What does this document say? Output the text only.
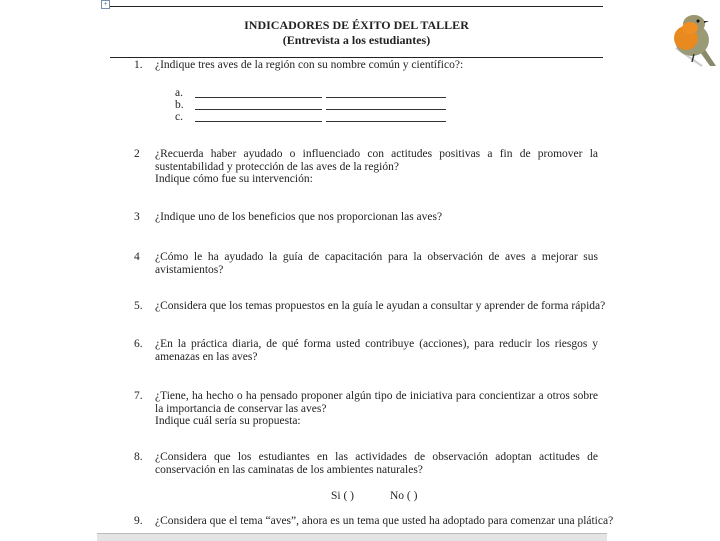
+
INDICADORES DE ÉXITO DEL TALLER
(Entrevista a los estudiantes)
1. ¿Indique tres aves de la región con su nombre común y científico?:
a.
b.
c.
2 ¿Recuerda haber ayudado o influenciado con actitudes positivas a fin de promover la sustentabilidad y protección de las aves de la región?
Indique cómo fue su intervención:
3 ¿Indique uno de los beneficios que nos proporcionan las aves?
4 ¿Cómo le ha ayudado la guía de capacitación para la observación de aves a mejorar sus avistamientos?
5. ¿Considera que los temas propuestos en la guía le ayudan a consultar y aprender de forma rápida?
6. ¿En la práctica diaria, de qué forma usted contribuye (acciones), para reducir los riesgos y amenazas en las aves?
7. ¿Tiene, ha hecho o ha pensado proponer algún tipo de iniciativa para concientizar a otros sobre la importancia de conservar las aves?
Indique cuál sería su propuesta:
8. ¿Considera que los estudiantes en las actividades de observación adoptan actitudes de conservación en las caminatas de los ambientes naturales?
Si ( )	No ( )
9. ¿Considera que el tema “aves”, ahora es un tema que usted ha adoptado para comenzar una plática?
